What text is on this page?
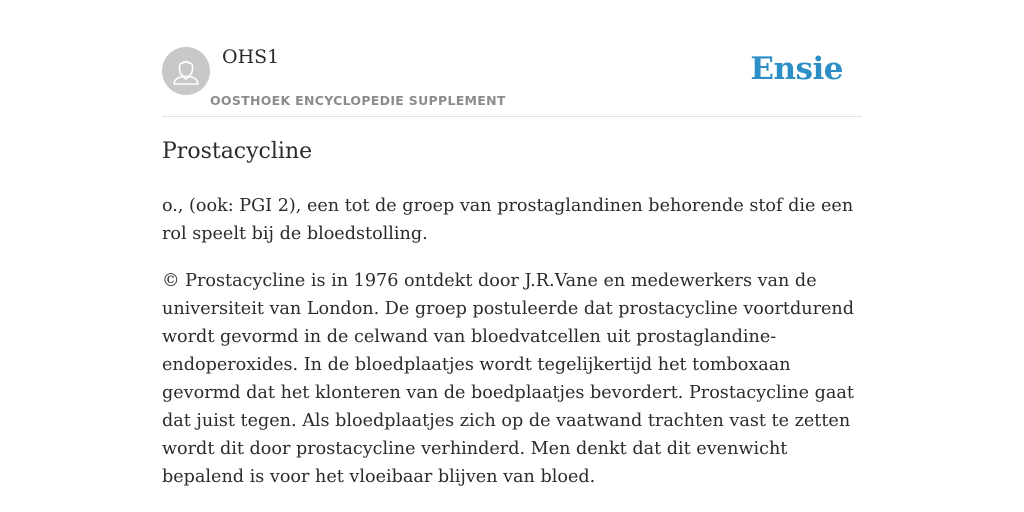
OHS1
OOSTHOEK ENCYCLOPEDIE SUPPLEMENT
Ensie
Prostacycline

o., (ook: PGI 2), een tot de groep van prostaglandinen behorende stof die een rol speelt bij de bloedstolling.

© Prostacycline is in 1976 ontdekt door J.R.Vane en medewerkers van de universiteit van London. De groep postuleerde dat prostacycline voortdurend wordt gevormd in de celwand van bloedvatcellen uit prostaglandine-endoperoxides. In de bloedplaatjes wordt tegelijkertijd het tomboxaan gevormd dat het klonteren van de boedplaatjes bevordert. Prostacycline gaat dat juist tegen. Als bloedplaatjes zich op de vaatwand trachten vast te zetten wordt dit door prostacycline verhinderd. Men denkt dat dit evenwicht bepalend is voor het vloeibaar blijven van bloed.
